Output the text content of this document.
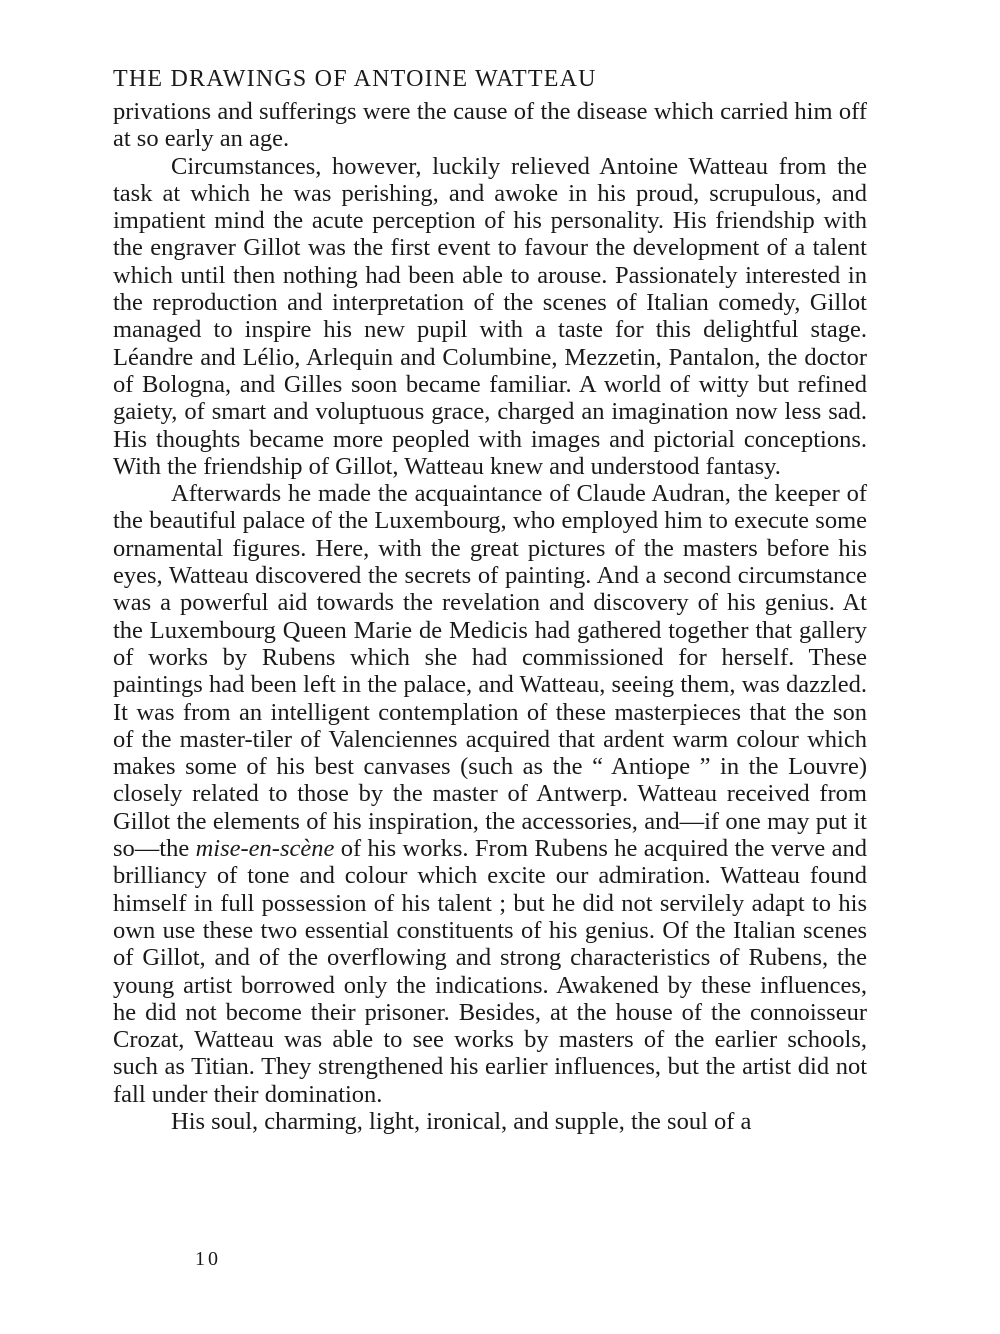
THE DRAWINGS OF ANTOINE WATTEAU

privations and sufferings were the cause of the disease which carried him off at so early an age.

Circumstances, however, luckily relieved Antoine Watteau from the task at which he was perishing, and awoke in his proud, scrupulous, and impatient mind the acute perception of his personality. His friendship with the engraver Gillot was the first event to favour the development of a talent which until then nothing had been able to arouse. Passionately interested in the reproduction and interpretation of the scenes of Italian comedy, Gillot managed to inspire his new pupil with a taste for this delightful stage. Léandre and Lélio, Arlequin and Columbine, Mezzetin, Pantalon, the doctor of Bologna, and Gilles soon became familiar. A world of witty but refined gaiety, of smart and voluptuous grace, charged an imagination now less sad. His thoughts became more peopled with images and pictorial conceptions. With the friendship of Gillot, Watteau knew and understood fantasy.

Afterwards he made the acquaintance of Claude Audran, the keeper of the beautiful palace of the Luxembourg, who employed him to execute some ornamental figures. Here, with the great pictures of the masters before his eyes, Watteau discovered the secrets of painting. And a second circumstance was a powerful aid towards the revelation and discovery of his genius. At the Luxembourg Queen Marie de Medicis had gathered together that gallery of works by Rubens which she had commissioned for herself. These paintings had been left in the palace, and Watteau, seeing them, was dazzled. It was from an intelligent contemplation of these masterpieces that the son of the master-tiler of Valenciennes acquired that ardent warm colour which makes some of his best canvases (such as the “ Antiope ” in the Louvre) closely related to those by the master of Antwerp. Watteau received from Gillot the elements of his inspiration, the accessories, and—if one may put it so—the mise-en-scène of his works. From Rubens he acquired the verve and brilliancy of tone and colour which excite our admiration. Watteau found himself in full possession of his talent ; but he did not servilely adapt to his own use these two essential constituents of his genius. Of the Italian scenes of Gillot, and of the overflowing and strong characteristics of Rubens, the young artist borrowed only the indications. Awakened by these influences, he did not become their prisoner. Besides, at the house of the connoisseur Crozat, Watteau was able to see works by masters of the earlier schools, such as Titian. They strengthened his earlier influences, but the artist did not fall under their domination.

His soul, charming, light, ironical, and supple, the soul of a

10
